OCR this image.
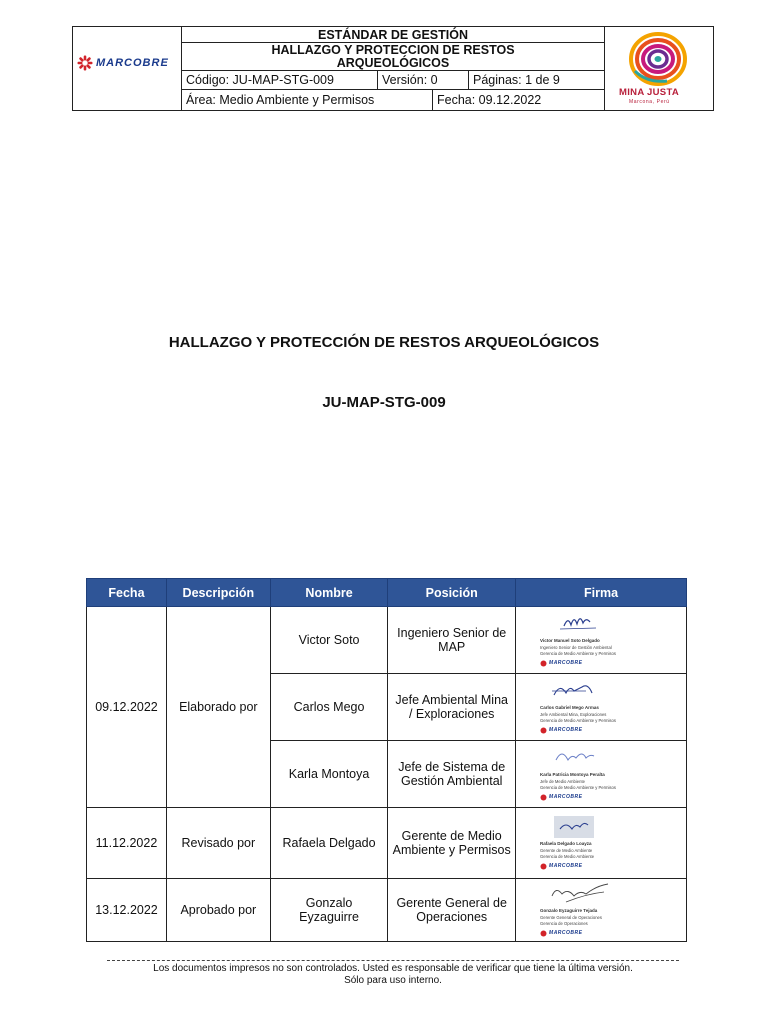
MARCOBRE
ESTÁNDAR DE GESTIÓN
HALLAZGO Y PROTECCION DE RESTOS
ARQUEOLÓGICOS
Código: JU-MAP-STG-009	Versión: 0	Páginas: 1 de 9
Área: Medio Ambiente y Permisos	Fecha: 09.12.2022
MINA JUSTA
Marcona, Perú
HALLAZGO Y PROTECCIÓN DE RESTOS ARQUEOLÓGICOS
JU-MAP-STG-009
Fecha	Descripción	Nombre	Posición	Firma
09.12.2022	Elaborado por	Victor Soto	Ingeniero Senior de MAP	Victor Manuel Soto Delgado
Ingeniero Senior de Gestión Ambiental
Gerencia de Medio Ambiente y Permisos
MARCOBRE

		Carlos Mego	Jefe Ambiental Mina / Exploraciones	Carlos Gabriel Mego Armas
Jefe Ambiental Mina, Exploraciones
Gerencia de Medio Ambiente y Permisos
MARCOBRE

		Karla Montoya	Jefe de Sistema de Gestión Ambiental	Karla Patricia Montoya Peralta
Jefe de Medio Ambiente
Gerencia de Medio Ambiente y Permisos
MARCOBRE

11.12.2022	Revisado por	Rafaela Delgado	Gerente de Medio Ambiente y Permisos	Rafaela Delgado Loayza
Gerente de Medio Ambiente
Gerencia de Medio Ambiente
MARCOBRE

13.12.2022	Aprobado por	Gonzalo Eyzaguirre	Gerente General de Operaciones	Gonzalo Eyzaguirre Tejada
Gerente General de Operaciones
Gerencia de Operaciones
MARCOBRE
Los documentos impresos no son controlados. Usted es responsable de verificar que tiene la última versión.
Sólo para uso interno.
